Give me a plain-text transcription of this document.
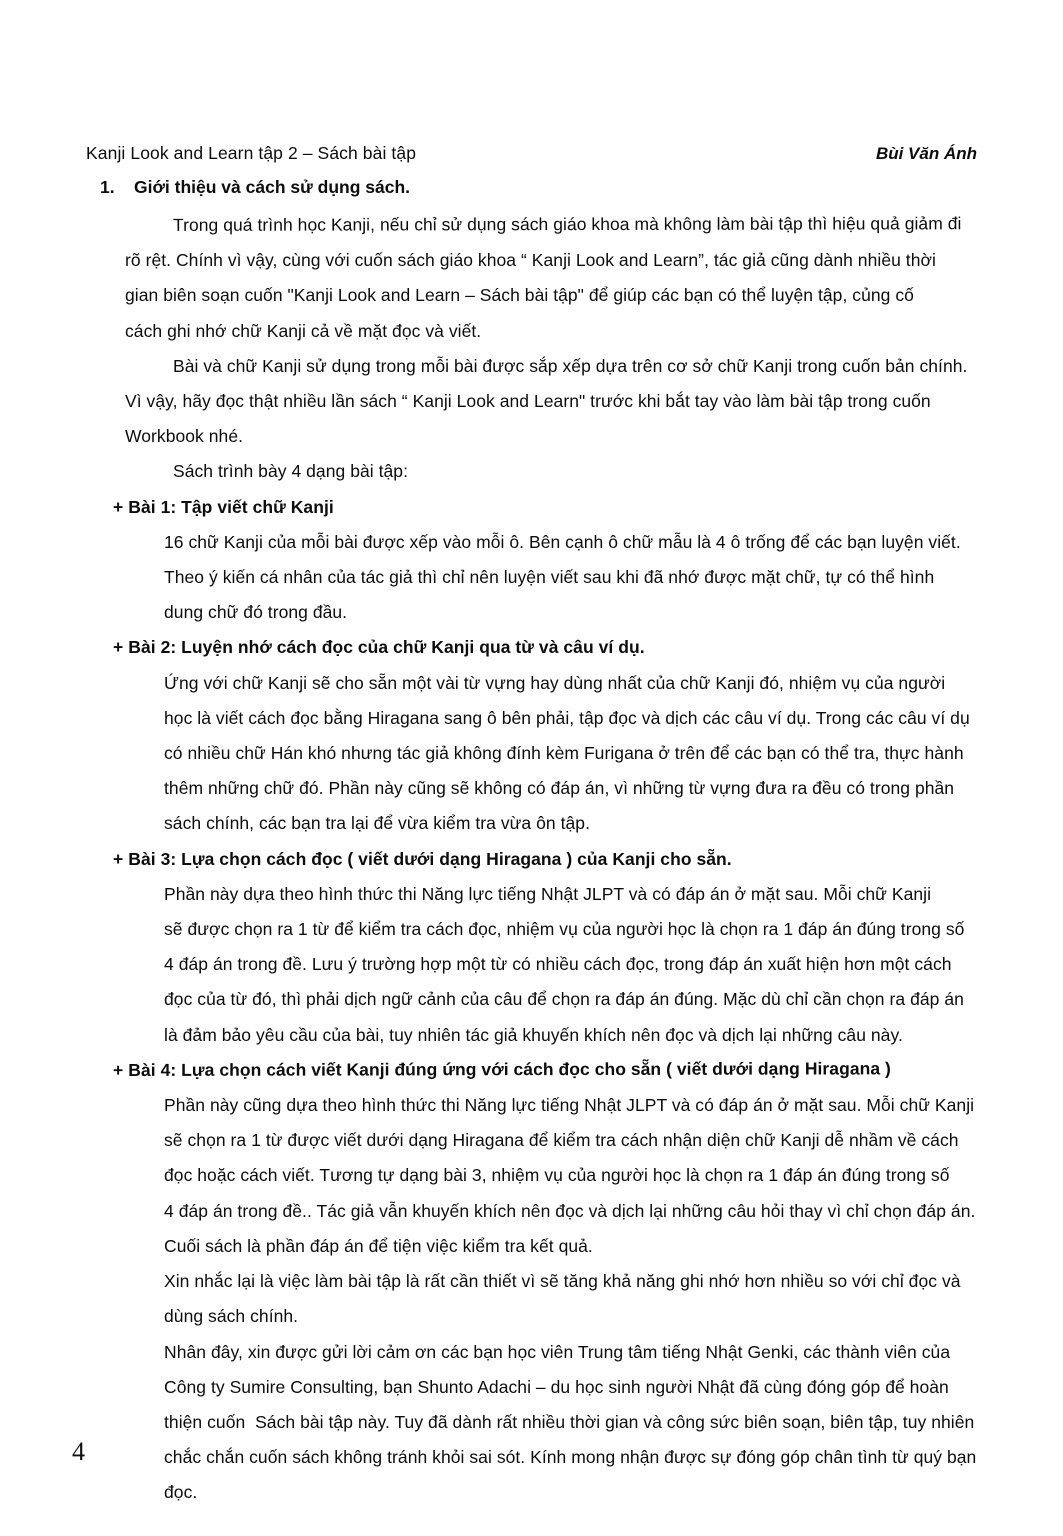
Kanji Look and Learn tập 2 – Sách bài tập	Bùi Văn Ánh
1.	Giới thiệu và cách sử dụng sách.
Trong quá trình học Kanji, nếu chỉ sử dụng sách giáo khoa mà không làm bài tập thì hiệu quả giảm đi
rõ rệt. Chính vì vậy, cùng với cuốn sách giáo khoa “ Kanji Look and Learn”, tác giả cũng dành nhiều thời
gian biên soạn cuốn "Kanji Look and Learn – Sách bài tập" để giúp các bạn có thể luyện tập, củng cố
cách ghi nhớ chữ Kanji cả về mặt đọc và viết.
Bài và chữ Kanji sử dụng trong mỗi bài được sắp xếp dựa trên cơ sở chữ Kanji trong cuốn bản chính.
Vì vậy, hãy đọc thật nhiều lần sách “ Kanji Look and Learn" trước khi bắt tay vào làm bài tập trong cuốn
Workbook nhé.
Sách trình bày 4 dạng bài tập:
+ Bài 1: Tập viết chữ Kanji
16 chữ Kanji của mỗi bài được xếp vào mỗi ô. Bên cạnh ô chữ mẫu là 4 ô trống để các bạn luyện viết.
Theo ý kiến cá nhân của tác giả thì chỉ nên luyện viết sau khi đã nhớ được mặt chữ, tự có thể hình
dung chữ đó trong đầu.
+ Bài 2: Luyện nhớ cách đọc của chữ Kanji qua từ và câu ví dụ.
Ứng với chữ Kanji sẽ cho sẵn một vài từ vựng hay dùng nhất của chữ Kanji đó, nhiệm vụ của người
học là viết cách đọc bằng Hiragana sang ô bên phải, tập đọc và dịch các câu ví dụ. Trong các câu ví dụ
có nhiều chữ Hán khó nhưng tác giả không đính kèm Furigana ở trên để các bạn có thể tra, thực hành
thêm những chữ đó. Phần này cũng sẽ không có đáp án, vì những từ vựng đưa ra đều có trong phần
sách chính, các bạn tra lại để vừa kiểm tra vừa ôn tập.
+ Bài 3: Lựa chọn cách đọc ( viết dưới dạng Hiragana ) của Kanji cho sẵn.
Phần này dựa theo hình thức thi Năng lực tiếng Nhật JLPT và có đáp án ở mặt sau. Mỗi chữ Kanji
sẽ được chọn ra 1 từ để kiểm tra cách đọc, nhiệm vụ của người học là chọn ra 1 đáp án đúng trong số
4 đáp án trong đề. Lưu ý trường hợp một từ có nhiều cách đọc, trong đáp án xuất hiện hơn một cách
đọc của từ đó, thì phải dịch ngữ cảnh của câu để chọn ra đáp án đúng. Mặc dù chỉ cần chọn ra đáp án
là đảm bảo yêu cầu của bài, tuy nhiên tác giả khuyến khích nên đọc và dịch lại những câu này.
+ Bài 4: Lựa chọn cách viết Kanji đúng ứng với cách đọc cho sẵn ( viết dưới dạng Hiragana )
Phần này cũng dựa theo hình thức thi Năng lực tiếng Nhật JLPT và có đáp án ở mặt sau. Mỗi chữ Kanji
sẽ chọn ra 1 từ được viết dưới dạng Hiragana để kiểm tra cách nhận diện chữ Kanji dễ nhầm về cách
đọc hoặc cách viết. Tương tự dạng bài 3, nhiệm vụ của người học là chọn ra 1 đáp án đúng trong số
4 đáp án trong đề.. Tác giả vẫn khuyến khích nên đọc và dịch lại những câu hỏi thay vì chỉ chọn đáp án.
Cuối sách là phần đáp án để tiện việc kiểm tra kết quả.
Xin nhắc lại là việc làm bài tập là rất cần thiết vì sẽ tăng khả năng ghi nhớ hơn nhiều so với chỉ đọc và
dùng sách chính.
Nhân đây, xin được gửi lời cảm ơn các bạn học viên Trung tâm tiếng Nhật Genki, các thành viên của
Công ty Sumire Consulting, bạn Shunto Adachi – du học sinh người Nhật đã cùng đóng góp để hoàn
thiện cuốn  Sách bài tập này. Tuy đã dành rất nhiều thời gian và công sức biên soạn, biên tập, tuy nhiên
chắc chắn cuốn sách không tránh khỏi sai sót. Kính mong nhận được sự đóng góp chân tình từ quý bạn
đọc.
4
